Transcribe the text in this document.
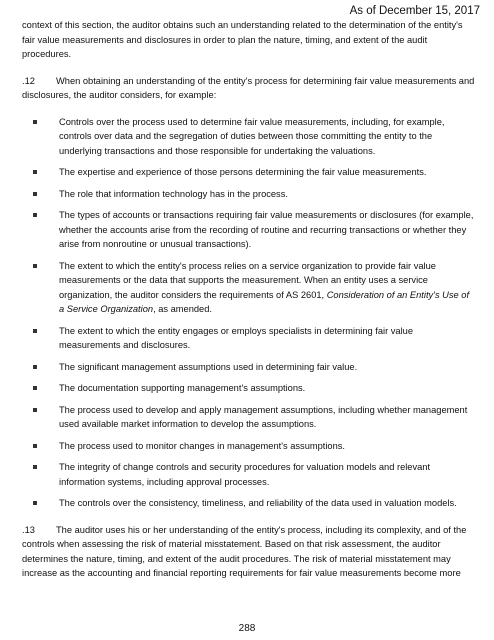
As of December 15, 2017

context of this section, the auditor obtains such an understanding related to the determination of the entity's fair value measurements and disclosures in order to plan the nature, timing, and extent of the audit procedures.

.12 When obtaining an understanding of the entity's process for determining fair value measurements and disclosures, the auditor considers, for example:

Controls over the process used to determine fair value measurements, including, for example, controls over data and the segregation of duties between those committing the entity to the underlying transactions and those responsible for undertaking the valuations.
The expertise and experience of those persons determining the fair value measurements.
The role that information technology has in the process.
The types of accounts or transactions requiring fair value measurements or disclosures (for example, whether the accounts arise from the recording of routine and recurring transactions or whether they arise from nonroutine or unusual transactions).
The extent to which the entity's process relies on a service organization to provide fair value measurements or the data that supports the measurement. When an entity uses a service organization, the auditor considers the requirements of AS 2601, Consideration of an Entity's Use of a Service Organization, as amended.
The extent to which the entity engages or employs specialists in determining fair value measurements and disclosures.
The significant management assumptions used in determining fair value.
The documentation supporting management's assumptions.
The process used to develop and apply management assumptions, including whether management used available market information to develop the assumptions.
The process used to monitor changes in management's assumptions.
The integrity of change controls and security procedures for valuation models and relevant information systems, including approval processes.
The controls over the consistency, timeliness, and reliability of the data used in valuation models.

.13 The auditor uses his or her understanding of the entity's process, including its complexity, and of the controls when assessing the risk of material misstatement. Based on that risk assessment, the auditor determines the nature, timing, and extent of the audit procedures. The risk of material misstatement may increase as the accounting and financial reporting requirements for fair value measurements become more

288
